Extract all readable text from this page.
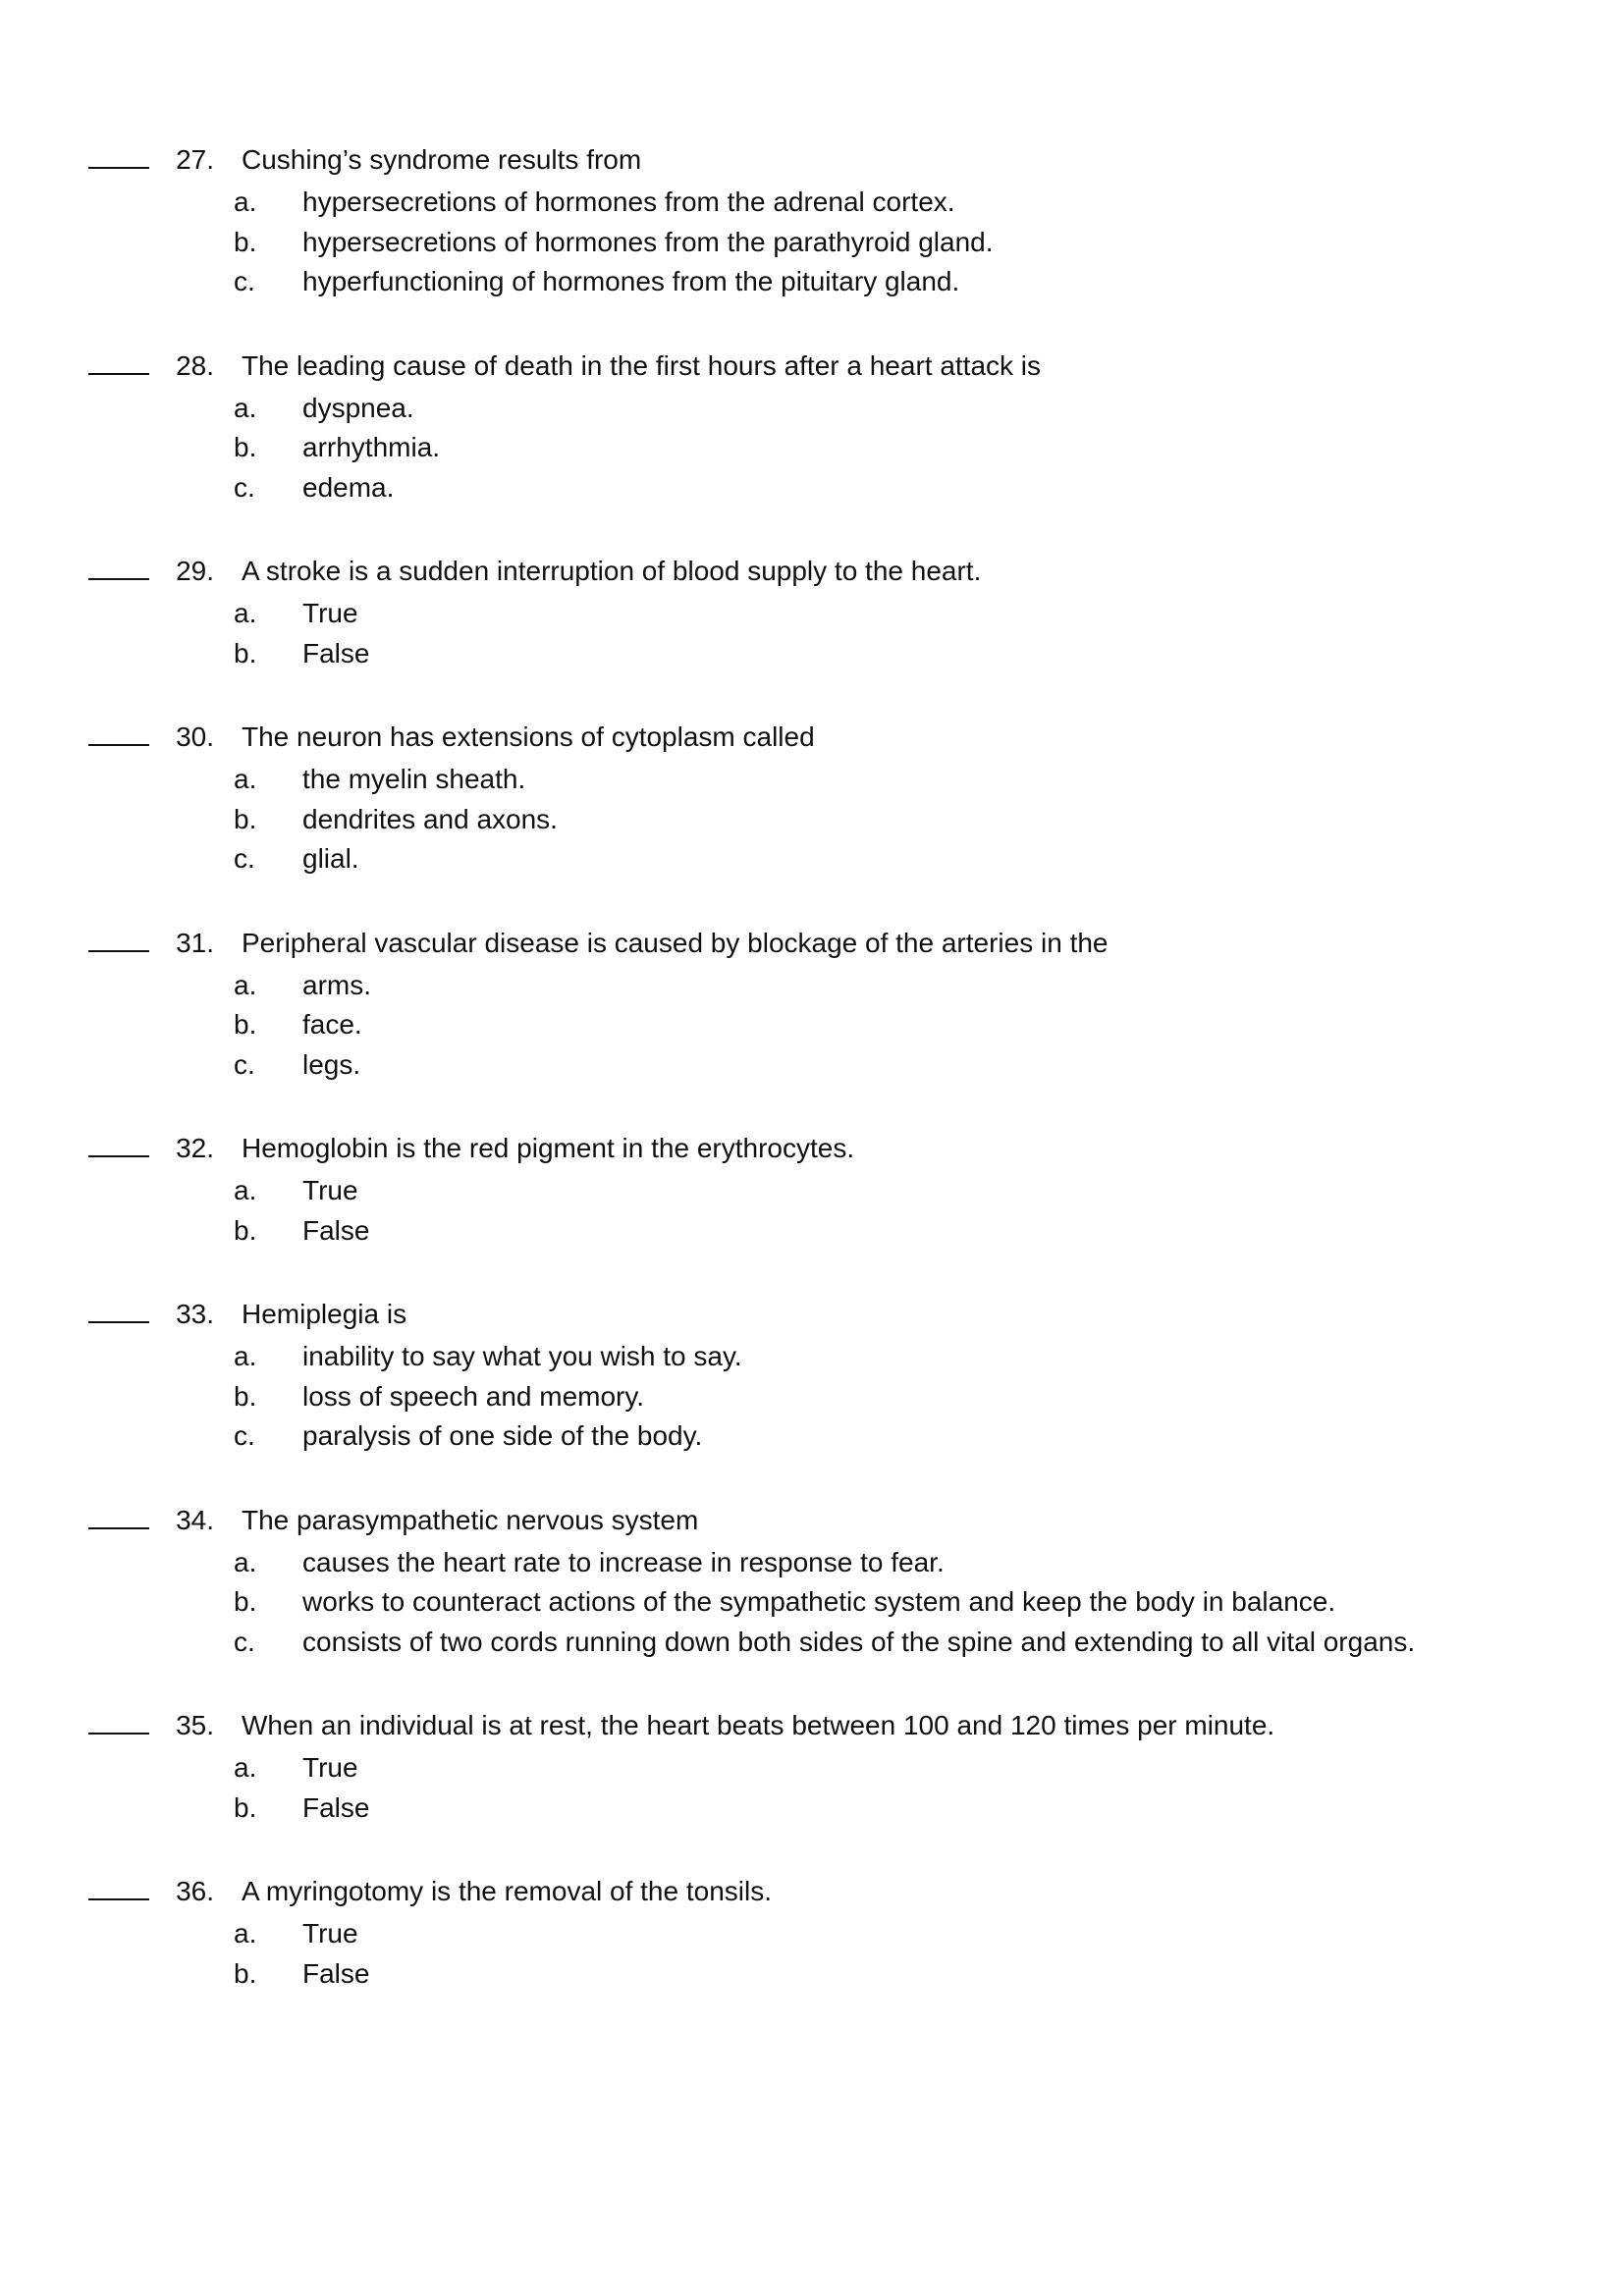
27. Cushing’s syndrome results from
a.	hypersecretions of hormones from the adrenal cortex.
b.	hypersecretions of hormones from the parathyroid gland.
c.	hyperfunctioning of hormones from the pituitary gland.
28. The leading cause of death in the first hours after a heart attack is
a.	dyspnea.
b.	arrhythmia.
c.	edema.
29. A stroke is a sudden interruption of blood supply to the heart.
a.	True
b.	False
30. The neuron has extensions of cytoplasm called
a.	the myelin sheath.
b.	dendrites and axons.
c.	glial.
31. Peripheral vascular disease is caused by blockage of the arteries in the
a.	arms.
b.	face.
c.	legs.
32. Hemoglobin is the red pigment in the erythrocytes.
a.	True
b.	False
33. Hemiplegia is
a.	inability to say what you wish to say.
b.	loss of speech and memory.
c.	paralysis of one side of the body.
34. The parasympathetic nervous system
a.	causes the heart rate to increase in response to fear.
b.	works to counteract actions of the sympathetic system and keep the body in balance.
c.	consists of two cords running down both sides of the spine and extending to all vital organs.
35. When an individual is at rest, the heart beats between 100 and 120 times per minute.
a.	True
b.	False
36. A myringotomy is the removal of the tonsils.
a.	True
b.	False
